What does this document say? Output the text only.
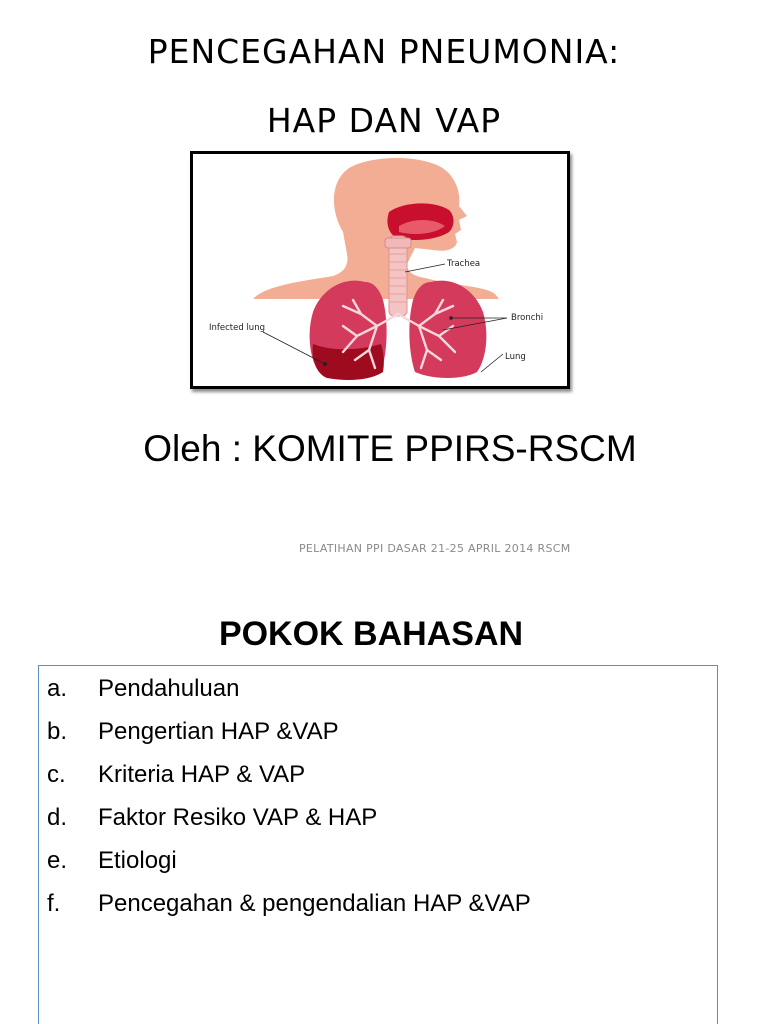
PENCEGAHAN PNEUMONIA:
HAP DAN VAP
Trachea
Bronchi
Infected lung
Lung
Oleh : KOMITE PPIRS-RSCM
PELATIHAN PPI DASAR 21-25 APRIL 2014 RSCM
POKOK BAHASAN
a. Pendahuluan
b. Pengertian HAP &VAP
c. Kriteria HAP & VAP
d. Faktor Resiko VAP & HAP
e. Etiologi
f. Pencegahan & pengendalian HAP &VAP
